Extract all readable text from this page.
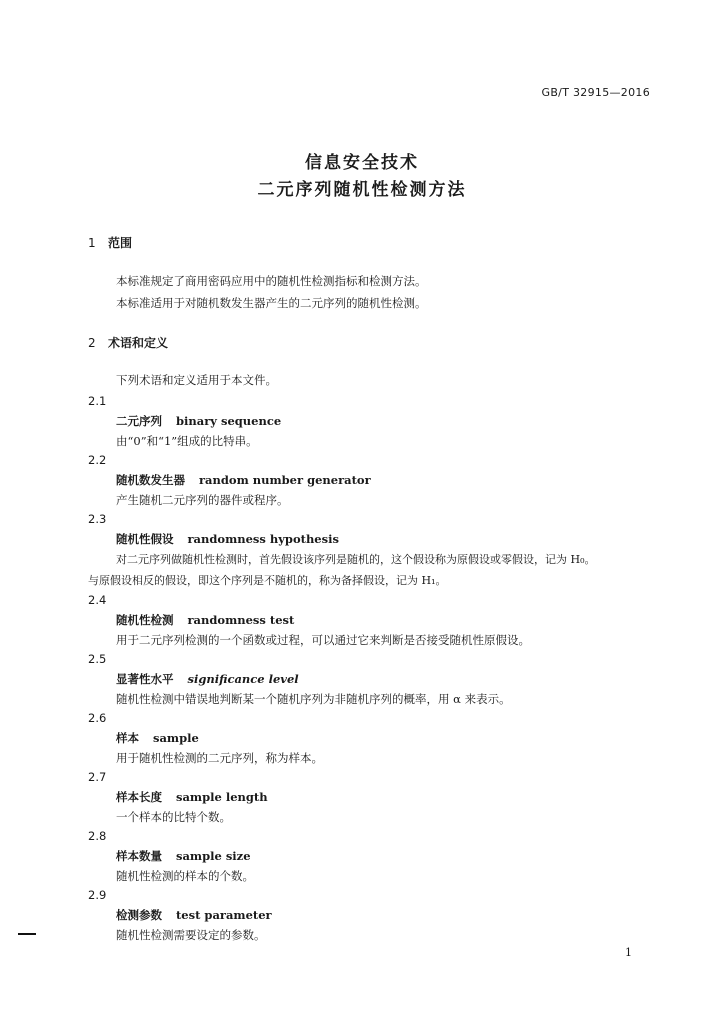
GB/T 32915—2016
信息安全技术
二元序列随机性检测方法
1 范围
本标准规定了商用密码应用中的随机性检测指标和检测方法。
本标准适用于对随机数发生器产生的二元序列的随机性检测。
2 术语和定义
下列术语和定义适用于本文件。
2.1
二元序列 binary sequence
由“0”和“1”组成的比特串。
2.2
随机数发生器 random number generator
产生随机二元序列的器件或程序。
2.3
随机性假设 randomness hypothesis
对二元序列做随机性检测时，首先假设该序列是随机的，这个假设称为原假设或零假设，记为 H₀。
与原假设相反的假设，即这个序列是不随机的，称为备择假设，记为 H₁。
2.4
随机性检测 randomness test
用于二元序列检测的一个函数或过程，可以通过它来判断是否接受随机性原假设。
2.5
显著性水平 significance level
随机性检测中错误地判断某一个随机序列为非随机序列的概率，用 α 来表示。
2.6
样本 sample
用于随机性检测的二元序列，称为样本。
2.7
样本长度 sample length
一个样本的比特个数。
2.8
样本数量 sample size
随机性检测的样本的个数。
2.9
检测参数 test parameter
随机性检测需要设定的参数。
1
